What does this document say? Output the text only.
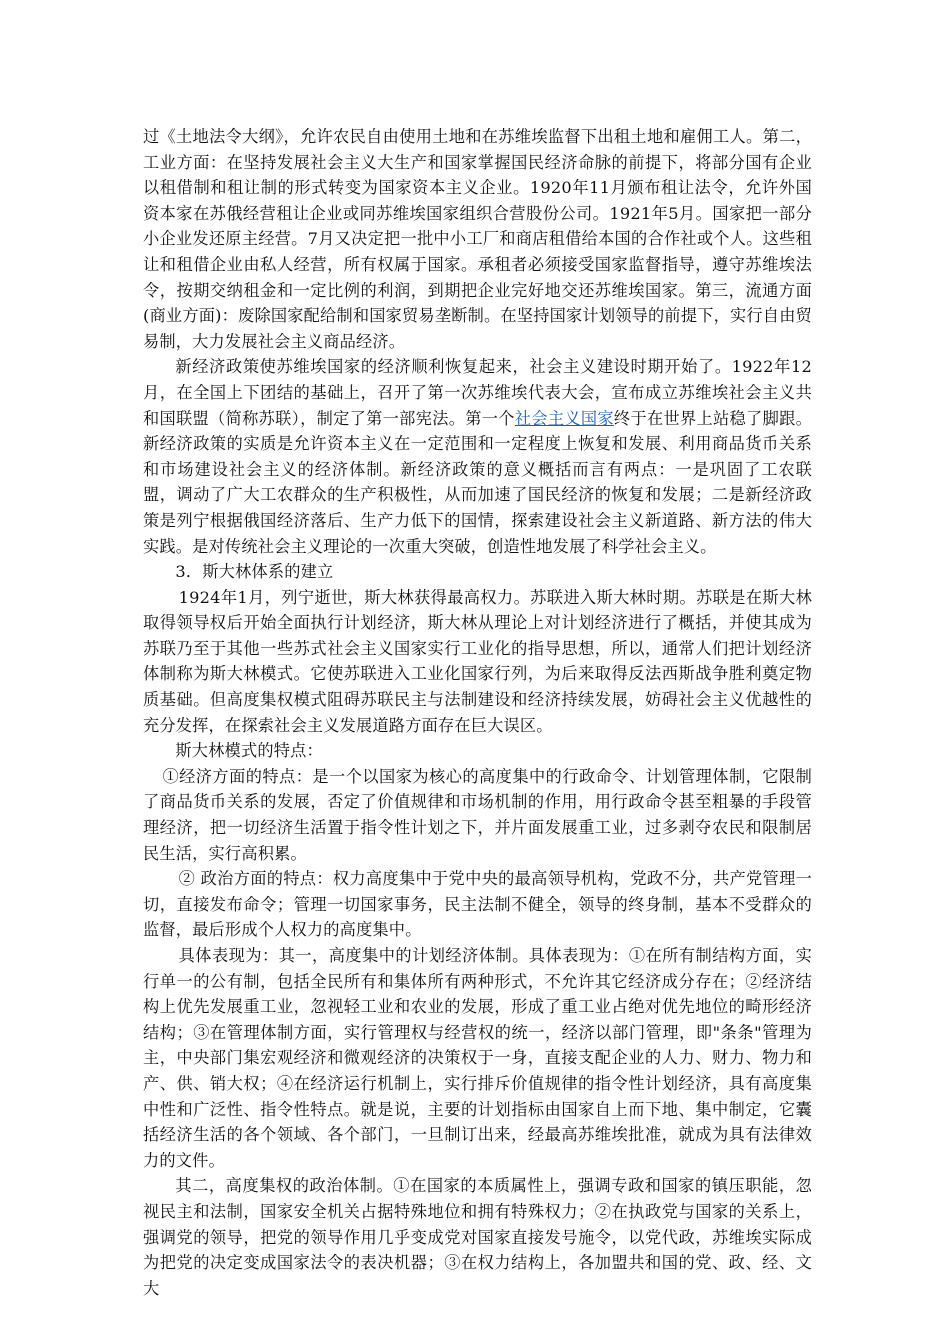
过《土地法令大纲》，允许农民自由使用土地和在苏维埃监督下出租土地和雇佣工人。第二，工业方面：在坚持发展社会主义大生产和国家掌握国民经济命脉的前提下，将部分国有企业以租借制和租让制的形式转变为国家资本主义企业。1920年11月颁布租让法令，允许外国资本家在苏俄经营租让企业或同苏维埃国家组织合营股份公司。1921年5月。国家把一部分小企业发还原主经营。7月又决定把一批中小工厂和商店租借给本国的合作社或个人。这些租让和租借企业由私人经营，所有权属于国家。承租者必须接受国家监督指导，遵守苏维埃法令，按期交纳租金和一定比例的利润，到期把企业完好地交还苏维埃国家。第三，流通方面(商业方面)：废除国家配给制和国家贸易垄断制。在坚持国家计划领导的前提下，实行自由贸易制，大力发展社会主义商品经济。

新经济政策使苏维埃国家的经济顺利恢复起来，社会主义建设时期开始了。1922年12月，在全国上下团结的基础上，召开了第一次苏维埃代表大会，宣布成立苏维埃社会主义共和国联盟（简称苏联），制定了第一部宪法。第一个社会主义国家终于在世界上站稳了脚跟。新经济政策的实质是允许资本主义在一定范围和一定程度上恢复和发展、利用商品货币关系和市场建设社会主义的经济体制。新经济政策的意义概括而言有两点：一是巩固了工农联盟，调动了广大工农群众的生产积极性，从而加速了国民经济的恢复和发展；二是新经济政策是列宁根据俄国经济落后、生产力低下的国情，探索建设社会主义新道路、新方法的伟大实践。是对传统社会主义理论的一次重大突破，创造性地发展了科学社会主义。

3．斯大林体系的建立

1924年1月，列宁逝世，斯大林获得最高权力。苏联进入斯大林时期。苏联是在斯大林取得领导权后开始全面执行计划经济，斯大林从理论上对计划经济进行了概括，并使其成为苏联乃至于其他一些苏式社会主义国家实行工业化的指导思想，所以，通常人们把计划经济体制称为斯大林模式。它使苏联进入工业化国家行列，为后来取得反法西斯战争胜利奠定物质基础。但高度集权模式阻碍苏联民主与法制建设和经济持续发展，妨碍社会主义优越性的充分发挥，在探索社会主义发展道路方面存在巨大误区。

斯大林模式的特点：

①经济方面的特点：是一个以国家为核心的高度集中的行政命令、计划管理体制，它限制了商品货币关系的发展，否定了价值规律和市场机制的作用，用行政命令甚至粗暴的手段管理经济，把一切经济生活置于指令性计划之下，并片面发展重工业，过多剥夺农民和限制居民生活，实行高积累。

② 政治方面的特点：权力高度集中于党中央的最高领导机构，党政不分，共产党管理一切，直接发布命令；管理一切国家事务，民主法制不健全，领导的终身制，基本不受群众的监督，最后形成个人权力的高度集中。

具体表现为：其一，高度集中的计划经济体制。具体表现为：①在所有制结构方面，实行单一的公有制，包括全民所有和集体所有两种形式，不允许其它经济成分存在；②经济结构上优先发展重工业，忽视轻工业和农业的发展，形成了重工业占绝对优先地位的畸形经济结构；③在管理体制方面，实行管理权与经营权的统一，经济以部门管理，即"条条"管理为主，中央部门集宏观经济和微观经济的决策权于一身，直接支配企业的人力、财力、物力和产、供、销大权；④在经济运行机制上，实行排斥价值规律的指令性计划经济，具有高度集中性和广泛性、指令性特点。就是说，主要的计划指标由国家自上而下地、集中制定，它囊括经济生活的各个领域、各个部门，一旦制订出来，经最高苏维埃批准，就成为具有法律效力的文件。

其二，高度集权的政治体制。①在国家的本质属性上，强调专政和国家的镇压职能，忽视民主和法制，国家安全机关占据特殊地位和拥有特殊权力；②在执政党与国家的关系上，强调党的领导，把党的领导作用几乎变成党对国家直接发号施令，以党代政，苏维埃实际成为把党的决定变成国家法令的表决机器；③在权力结构上，各加盟共和国的党、政、经、文大
